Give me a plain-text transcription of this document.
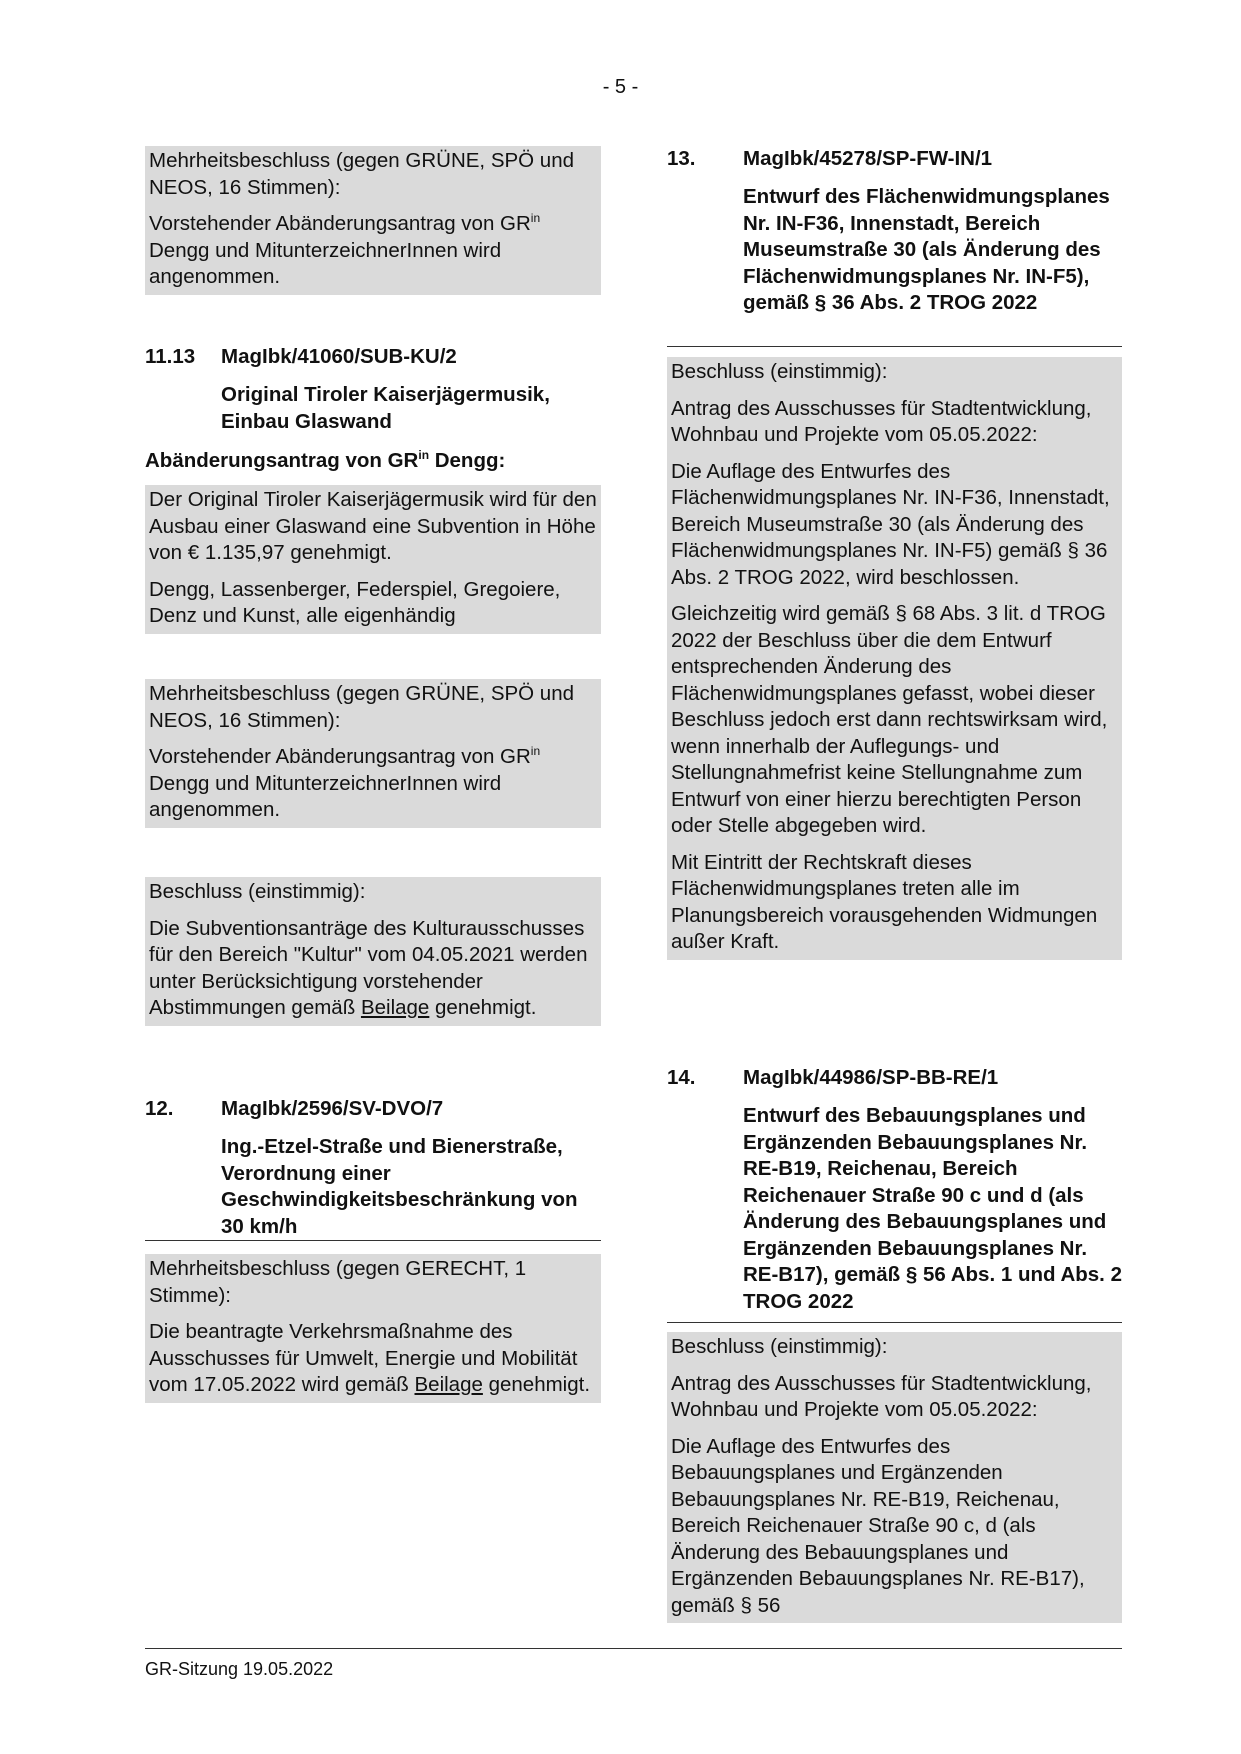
- 5 -

Mehrheitsbeschluss (gegen GRÜNE, SPÖ und NEOS, 16 Stimmen):

Vorstehender Abänderungsantrag von $GR^{in}$ Dengg und MitunterzeichnerInnen wird angenommen.

11.13 MagIbk/41060/SUB-KU/2
Original Tiroler Kaiserjägermusik, Einbau Glaswand
Abänderungsantrag von $GR^{in}$ Dengg:

Der Original Tiroler Kaiserjägermusik wird für den Ausbau einer Glaswand eine Subvention in Höhe von € 1.135,97 genehmigt.

Dengg, Lassenberger, Federspiel, Gregoiere, Denz und Kunst, alle eigenhändig

Mehrheitsbeschluss (gegen GRÜNE, SPÖ und NEOS, 16 Stimmen):

Vorstehender Abänderungsantrag von $GR^{in}$ Dengg und MitunterzeichnerInnen wird angenommen.

Beschluss (einstimmig):

Die Subventionsanträge des Kulturausschusses für den Bereich "Kultur" vom 04.05.2021 werden unter Berücksichtigung vorstehender Abstimmungen gemäß Beilage genehmigt.

12. MagIbk/2596/SV-DVO/7
Ing.-Etzel-Straße und Bienerstraße, Verordnung einer Geschwindigkeitsbeschränkung von 30 km/h

Mehrheitsbeschluss (gegen GERECHT, 1 Stimme):

Die beantragte Verkehrsmaßnahme des Ausschusses für Umwelt, Energie und Mobilität vom 17.05.2022 wird gemäß Beilage genehmigt.

13. MagIbk/45278/SP-FW-IN/1
Entwurf des Flächenwidmungsplanes Nr. IN-F36, Innenstadt, Bereich Museumstraße 30 (als Änderung des Flächenwidmungsplanes Nr. IN-F5), gemäß § 36 Abs. 2 TROG 2022

Beschluss (einstimmig):

Antrag des Ausschusses für Stadtentwicklung, Wohnbau und Projekte vom 05.05.2022:

Die Auflage des Entwurfes des Flächenwidmungsplanes Nr. IN-F36, Innenstadt, Bereich Museumstraße 30 (als Änderung des Flächenwidmungsplanes Nr. IN-F5) gemäß § 36 Abs. 2 TROG 2022, wird beschlossen.

Gleichzeitig wird gemäß § 68 Abs. 3 lit. d TROG 2022 der Beschluss über die dem Entwurf entsprechenden Änderung des Flächenwidmungsplanes gefasst, wobei dieser Beschluss jedoch erst dann rechtswirksam wird, wenn innerhalb der Auflegungs- und Stellungnahmefrist keine Stellungnahme zum Entwurf von einer hierzu berechtigten Person oder Stelle abgegeben wird.

Mit Eintritt der Rechtskraft dieses Flächenwidmungsplanes treten alle im Planungsbereich vorausgehenden Widmungen außer Kraft.

14. MagIbk/44986/SP-BB-RE/1
Entwurf des Bebauungsplanes und Ergänzenden Bebauungsplanes Nr. RE-B19, Reichenau, Bereich Reichenauer Straße 90 c und d (als Änderung des Bebauungsplanes und Ergänzenden Bebauungsplanes Nr. RE-B17), gemäß § 56 Abs. 1 und Abs. 2 TROG 2022

Beschluss (einstimmig):

Antrag des Ausschusses für Stadtentwicklung, Wohnbau und Projekte vom 05.05.2022:

Die Auflage des Entwurfes des Bebauungsplanes und Ergänzenden Bebauungsplanes Nr. RE-B19, Reichenau, Bereich Reichenauer Straße 90 c, d (als Änderung des Bebauungsplanes und Ergänzenden Bebauungsplanes Nr. RE-B17), gemäß § 56

GR-Sitzung 19.05.2022
